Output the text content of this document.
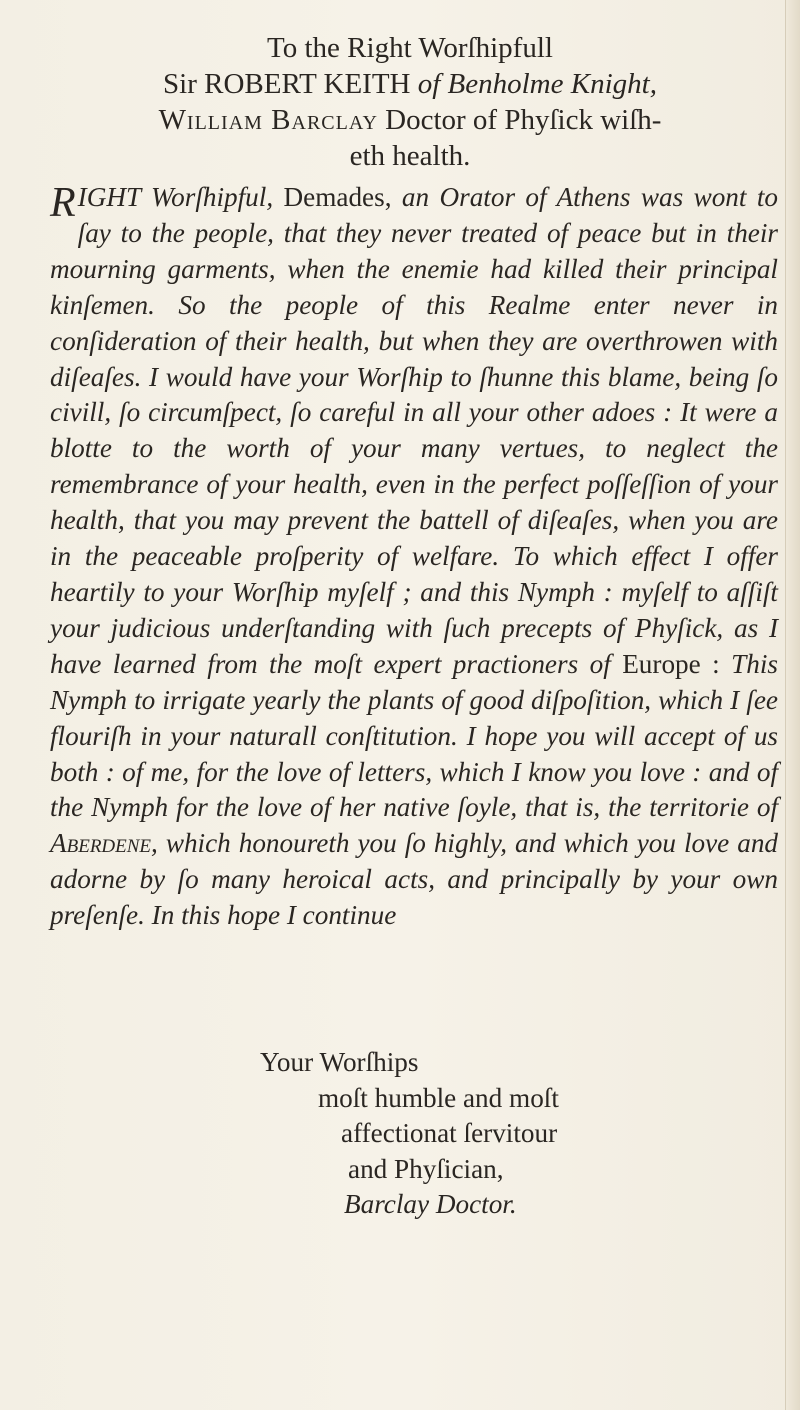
To the Right Worſhipfull
Sir ROBERT KEITH of Benholme Knight,
William Barclay Doctor of Phyſick wiſh-
eth health.
RIGHT Worſhipful, Demades, an Orator of Athens was wont to ſay to the people, that they never treated of peace but in their mourning garments, when the enemie had killed their principal kinſemen. So the people of this Realme enter never in conſideration of their health, but when they are overthrowen with diſeaſes. I would have your Worſhip to ſhunne this blame, being ſo civill, ſo circumſpect, ſo careful in all your other adoes : It were a blotte to the worth of your many vertues, to neglect the remembrance of your health, even in the perfect poſſeſſion of your health, that you may prevent the battell of diſeaſes, when you are in the peaceable proſperity of welfare. To which effect I offer heartily to your Worſhip myſelf ; and this Nymph : myſelf to aſſiſt your judicious underſtanding with ſuch precepts of Phyſick, as I have learned from the moſt expert practioners of Europe : This Nymph to irrigate yearly the plants of good diſpoſition, which I ſee flouriſh in your naturall conſtitution. I hope you will accept of us both : of me, for the love of letters, which I know you love : and of the Nymph for the love of her native ſoyle, that is, the territorie of Aberdene, which honoureth you ſo highly, and which you love and adorne by ſo many heroical acts, and principally by your own preſenſe. In this hope I continue
Your Worſhips
moſt humble and moſt
affectionat ſervitour
and Phyſician,
Barclay Doctor.
